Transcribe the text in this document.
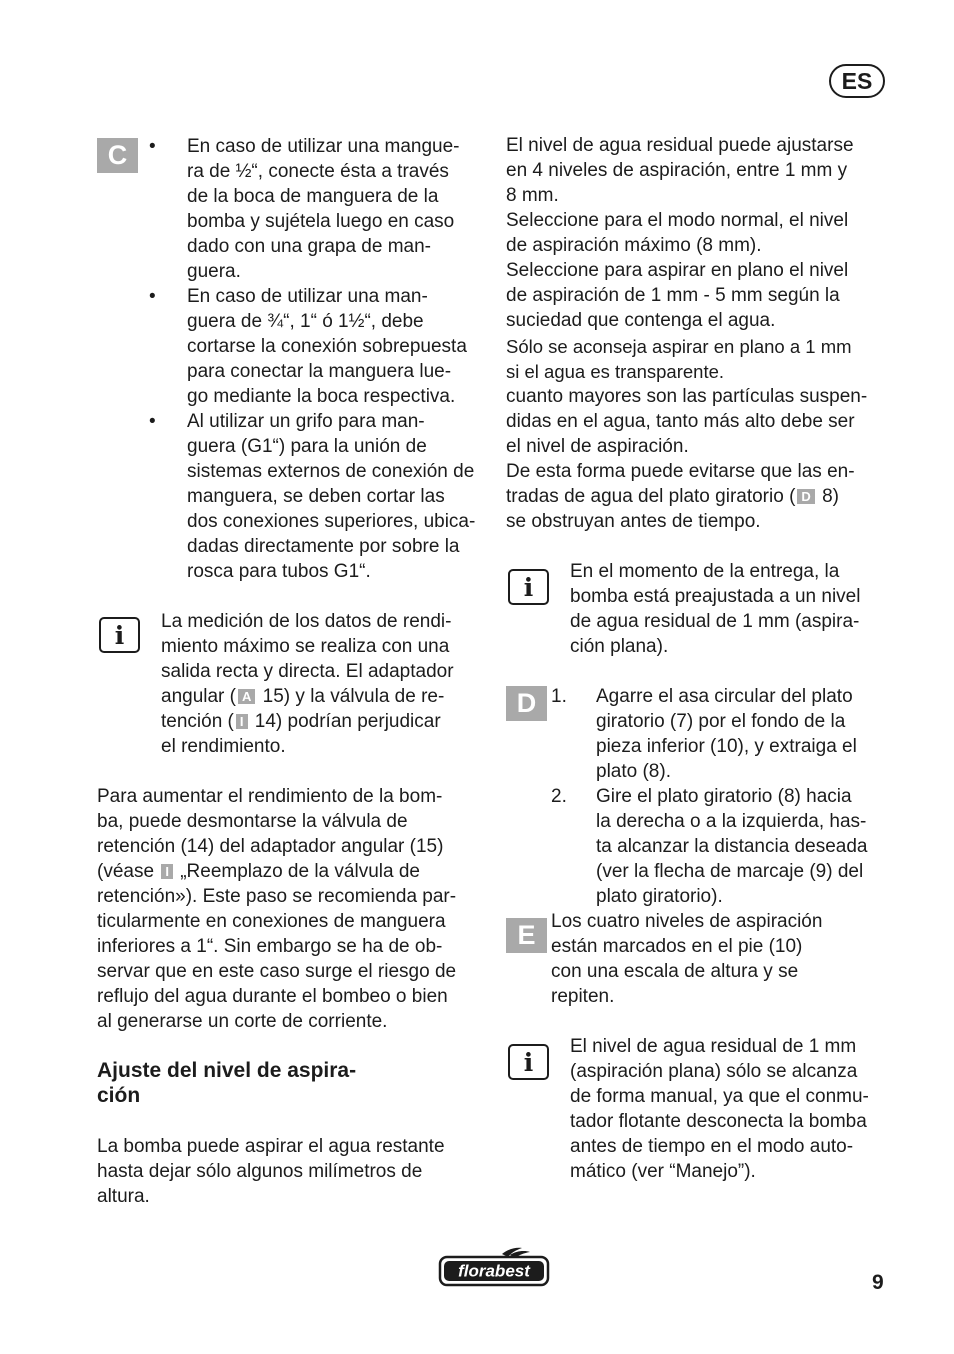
ES
C	•	En caso de utilizar una mangue-
ra de ½“, conecte ésta a través
de la boca de manguera de la
bomba y sujétela luego en caso
dado con una grapa de man-
guera.
•	En caso de utilizar una man-
guera de ¾“, 1“ ó 1½“, debe
cortarse la conexión sobrepuesta
para conectar la manguera lue-
go mediante la boca respectiva.
•	Al utilizar un grifo para man-
guera (G1“) para la unión de
sistemas externos de conexión de
manguera, se deben cortar las
dos conexiones superiores, ubica-
dadas directamente por sobre la
rosca para tubos G1“.
i	La medición de los datos de rendi-
miento máximo se realiza con una
salida recta y directa. El adaptador
angular ( A 15) y la válvula de re-
tención ( I 14) podrían perjudicar
el rendimiento.
Para aumentar el rendimiento de la bom-
ba, puede desmontarse la válvula de
retención (14) del adaptador angular (15)
(véase I „Reemplazo de la válvula de
retención»). Este paso se recomienda par-
ticularmente en conexiones de manguera
inferiores a 1“. Sin embargo se ha de ob-
servar que en este caso surge el riesgo de
reflujo del agua durante el bombeo o bien
al generarse un corte de corriente.
Ajuste del nivel de aspira-
ción
La bomba puede aspirar el agua restante
hasta dejar sólo algunos milímetros de
altura.
El nivel de agua residual puede ajustarse
en 4 niveles de aspiración, entre 1 mm y
8 mm.
Seleccione para el modo normal, el nivel
de aspiración máximo (8 mm).
Seleccione para aspirar en plano el nivel
de aspiración de 1 mm - 5 mm según la
suciedad que contenga el agua.
Sólo se aconseja aspirar en plano a 1 mm
si el agua es transparente.
cuanto mayores son las partículas suspen-
didas en el agua, tanto más alto debe ser
el nivel de aspiración.
De esta forma puede evitarse que las en-
tradas de agua del plato giratorio ( D 8)
se obstruyan antes de tiempo.
i
En el momento de la entrega, la
bomba está preajustada a un nivel
de agua residual de 1 mm (aspira-
ción plana).
D 1. Agarre el asa circular del plato
giratorio (7) por el fondo de la
pieza inferior (10), y extraiga el
plato (8).
2. Gire el plato giratorio (8) hacia
la derecha o a la izquierda, has-
ta alcanzar la distancia deseada
(ver la flecha de marcaje (9) del
plato giratorio).
Los cuatro niveles de aspiración
están marcados en el pie (10)
con una escala de altura y se
repiten.
E
i
El nivel de agua residual de 1 mm
(aspiración plana) sólo se alcanza
de forma manual, ya que el conmu-
tador flotante desconecta la bomba
antes de tiempo en el modo auto-
mático (ver “Manejo”).
florabest	9
